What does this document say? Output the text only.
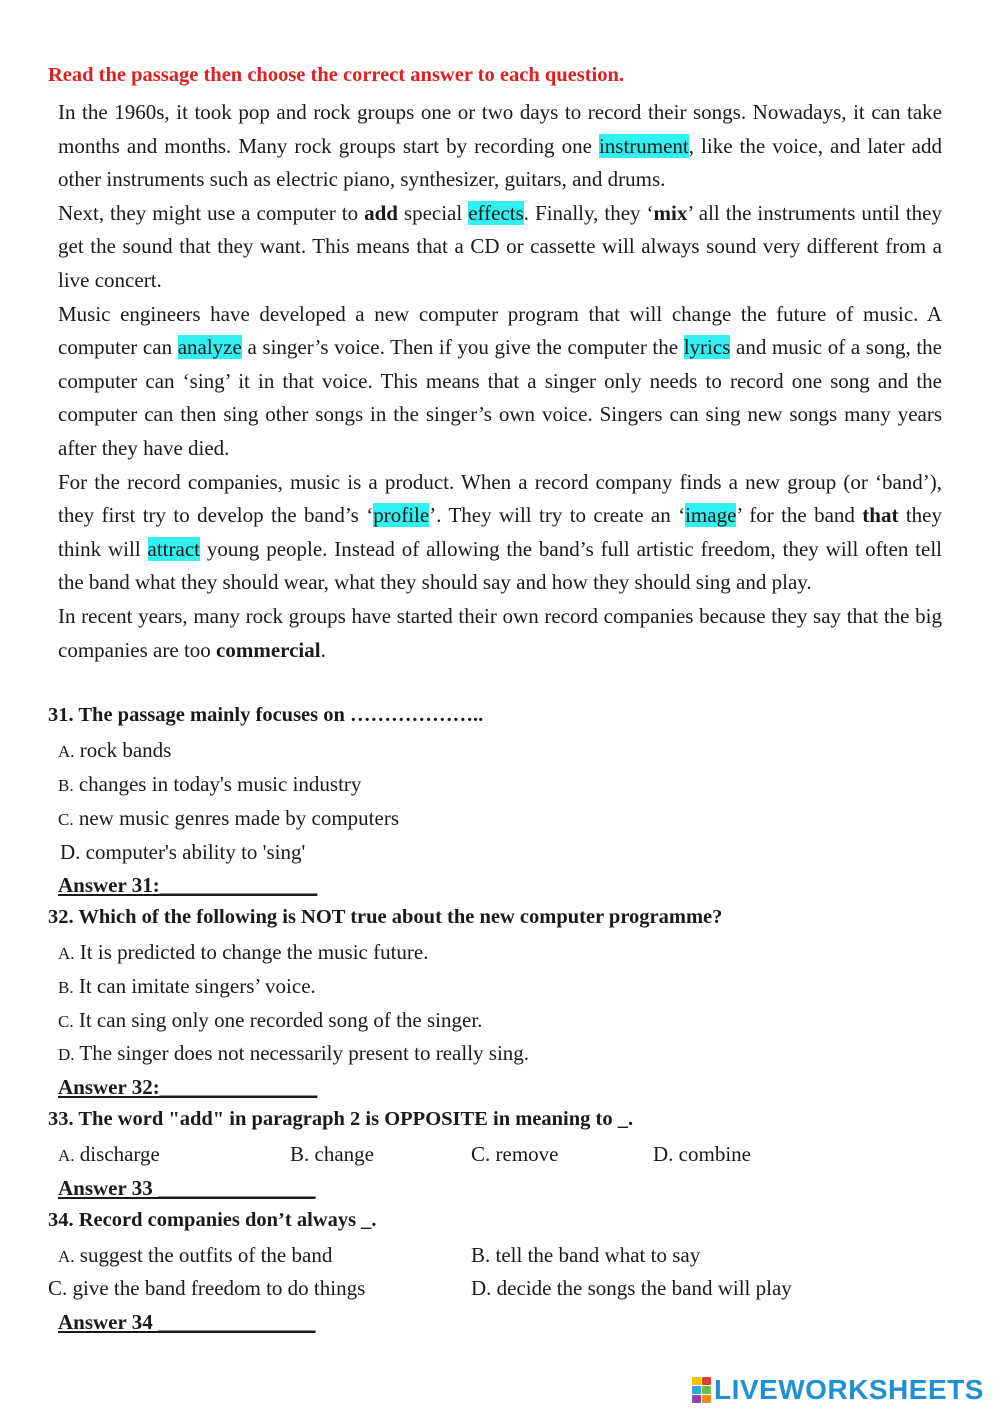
Read the passage then choose the correct answer to each question.

In the 1960s, it took pop and rock groups one or two days to record their songs. Nowadays, it can take months and months. Many rock groups start by recording one instrument, like the voice, and later add other instruments such as electric piano, synthesizer, guitars, and drums.

Next, they might use a computer to add special effects. Finally, they ‘mix’ all the instruments until they get the sound that they want. This means that a CD or cassette will always sound very different from a live concert.

Music engineers have developed a new computer program that will change the future of music. A computer can analyze a singer’s voice. Then if you give the computer the lyrics and music of a song, the computer can ‘sing’ it in that voice. This means that a singer only needs to record one song and the computer can then sing other songs in the singer’s own voice. Singers can sing new songs many years after they have died.

For the record companies, music is a product. When a record company finds a new group (or ‘band’), they first try to develop the band’s ‘profile’. They will try to create an ‘image’ for the band that they think will attract young people. Instead of allowing the band’s full artistic freedom, they will often tell the band what they should wear, what they should say and how they should sing and play.

In recent years, many rock groups have started their own record companies because they say that the big companies are too commercial.

31. The passage mainly focuses on ………………..
A. rock bands
B. changes in today's music industry
C. new music genres made by computers
D. computer's ability to 'sing'
Answer 31:_______________
32. Which of the following is NOT true about the new computer programme?
A. It is predicted to change the music future.
B. It can imitate singers’ voice.
C. It can sing only one recorded song of the singer.
D. The singer does not necessarily present to really sing.
Answer 32:_______________
33. The word "add" in paragraph 2 is OPPOSITE in meaning to _.
A. discharge	B. change	C. remove	D. combine
Answer 33 _______________
34. Record companies don’t always _.
A. suggest the outfits of the band	B. tell the band what to say
C. give the band freedom to do things	D. decide the songs the band will play
Answer 34 _______________
LIVEWORKSHEETS
